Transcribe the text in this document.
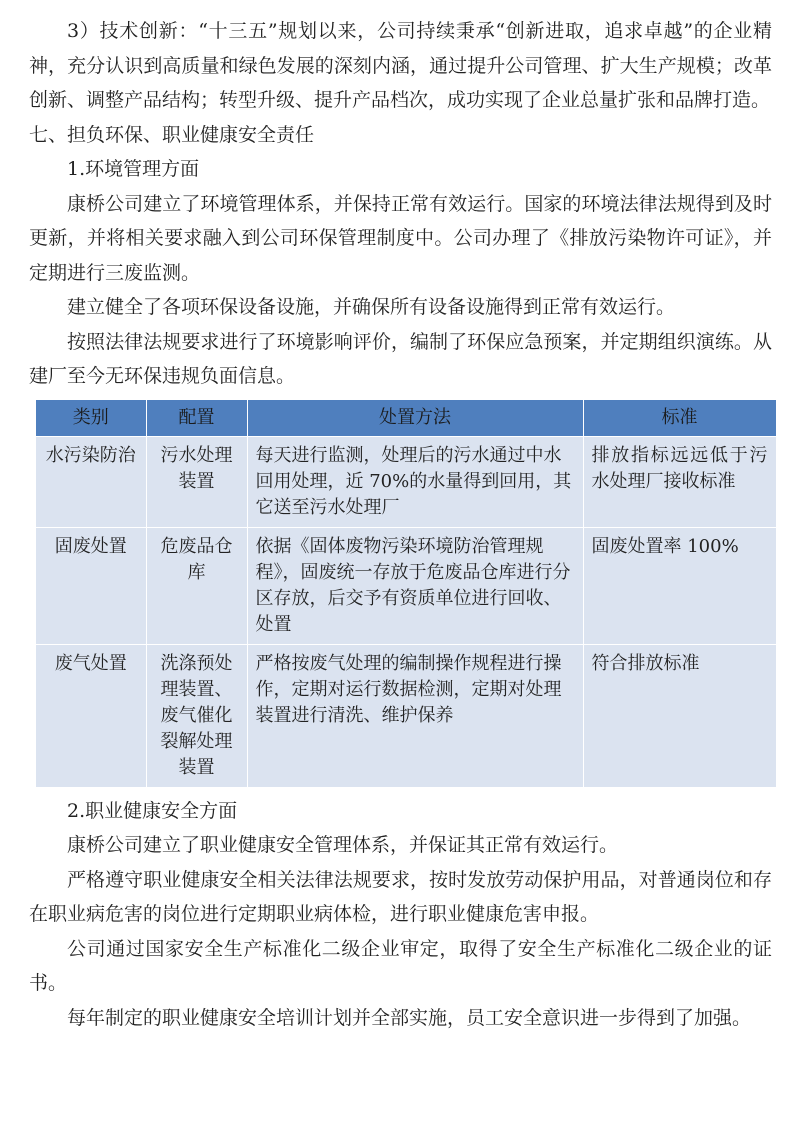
3）技术创新：“十三五”规划以来，公司持续秉承“创新进取，追求卓越”的企业精神，充分认识到高质量和绿色发展的深刻内涵，通过提升公司管理、扩大生产规模；改革创新、调整产品结构；转型升级、提升产品档次，成功实现了企业总量扩张和品牌打造。

七、担负环保、职业健康安全责任

1.环境管理方面

康桥公司建立了环境管理体系，并保持正常有效运行。国家的环境法律法规得到及时更新，并将相关要求融入到公司环保管理制度中。公司办理了《排放污染物许可证》，并定期进行三废监测。

建立健全了各项环保设备设施，并确保所有设备设施得到正常有效运行。

按照法律法规要求进行了环境影响评价，编制了环保应急预案，并定期组织演练。从建厂至今无环保违规负面信息。

类别	配置	处置方法	标准
水污染防治	污水处理装置	每天进行监测，处理后的污水通过中水回用处理，近 70%的水量得到回用，其它送至污水处理厂	排放指标远远低于污水处理厂接收标准
固废处置	危废品仓库	依据《固体废物污染环境防治管理规程》，固废统一存放于危废品仓库进行分区存放，后交予有资质单位进行回收、处置	固废处置率 100%
废气处置	洗涤预处理装置、废气催化裂解处理装置	严格按废气处理的编制操作规程进行操作，定期对运行数据检测，定期对处理装置进行清洗、维护保养	符合排放标准

2.职业健康安全方面

康桥公司建立了职业健康安全管理体系，并保证其正常有效运行。

严格遵守职业健康安全相关法律法规要求，按时发放劳动保护用品，对普通岗位和存在职业病危害的岗位进行定期职业病体检，进行职业健康危害申报。

公司通过国家安全生产标准化二级企业审定，取得了安全生产标准化二级企业的证书。

每年制定的职业健康安全培训计划并全部实施，员工安全意识进一步得到了加强。
